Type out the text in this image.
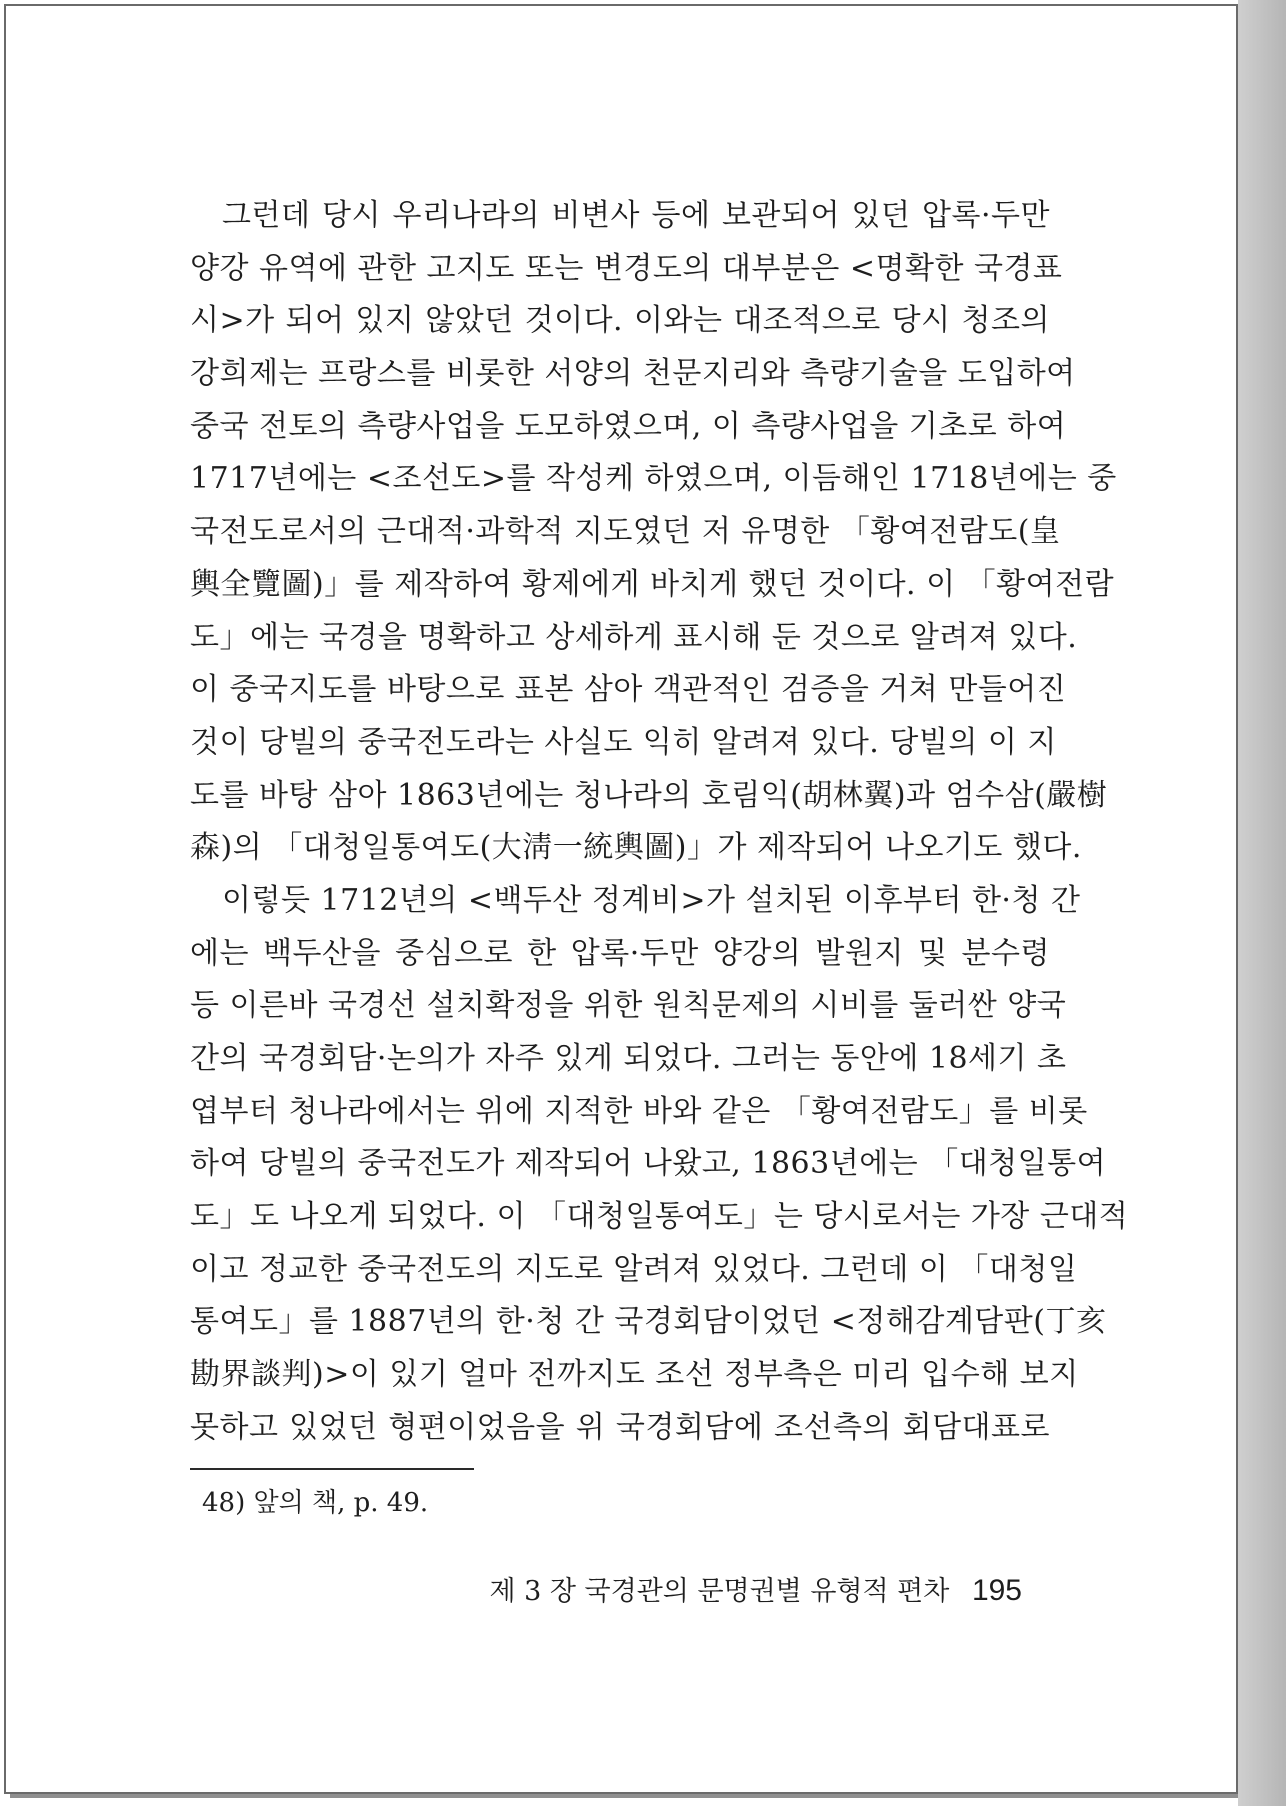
그런데 당시 우리나라의 비변사 등에 보관되어 있던 압록·두만
양강 유역에 관한 고지도 또는 변경도의 대부분은 <명확한 국경표
시>가 되어 있지 않았던 것이다. 이와는 대조적으로 당시 청조의
강희제는 프랑스를 비롯한 서양의 천문지리와 측량기술을 도입하여
중국 전토의 측량사업을 도모하였으며, 이 측량사업을 기초로 하여
1717년에는 <조선도>를 작성케 하였으며, 이듬해인 1718년에는 중
국전도로서의 근대적·과학적 지도였던 저 유명한 「황여전람도(皇
輿全覽圖)」를 제작하여 황제에게 바치게 했던 것이다. 이 「황여전람
도」에는 국경을 명확하고 상세하게 표시해 둔 것으로 알려져 있다.
이 중국지도를 바탕으로 표본 삼아 객관적인 검증을 거쳐 만들어진
것이 당빌의 중국전도라는 사실도 익히 알려져 있다. 당빌의 이 지
도를 바탕 삼아 1863년에는 청나라의 호림익(胡林翼)과 엄수삼(嚴樹
森)의 「대청일통여도(大淸一統輿圖)」가 제작되어 나오기도 했다.
이렇듯 1712년의 <백두산 정계비>가 설치된 이후부터 한·청 간
에는 백두산을 중심으로 한 압록·두만 양강의 발원지 및 분수령
등 이른바 국경선 설치확정을 위한 원칙문제의 시비를 둘러싼 양국
간의 국경회담·논의가 자주 있게 되었다. 그러는 동안에 18세기 초
엽부터 청나라에서는 위에 지적한 바와 같은 「황여전람도」를 비롯
하여 당빌의 중국전도가 제작되어 나왔고, 1863년에는 「대청일통여
도」도 나오게 되었다. 이 「대청일통여도」는 당시로서는 가장 근대적
이고 정교한 중국전도의 지도로 알려져 있었다. 그런데 이 「대청일
통여도」를 1887년의 한·청 간 국경회담이었던 <정해감계담판(丁亥
勘界談判)>이 있기 얼마 전까지도 조선 정부측은 미리 입수해 보지
못하고 있었던 형편이었음을 위 국경회담에 조선측의 회담대표로
48) 앞의 책, p. 49.
제 3 장 국경관의 문명권별 유형적 편차 195
